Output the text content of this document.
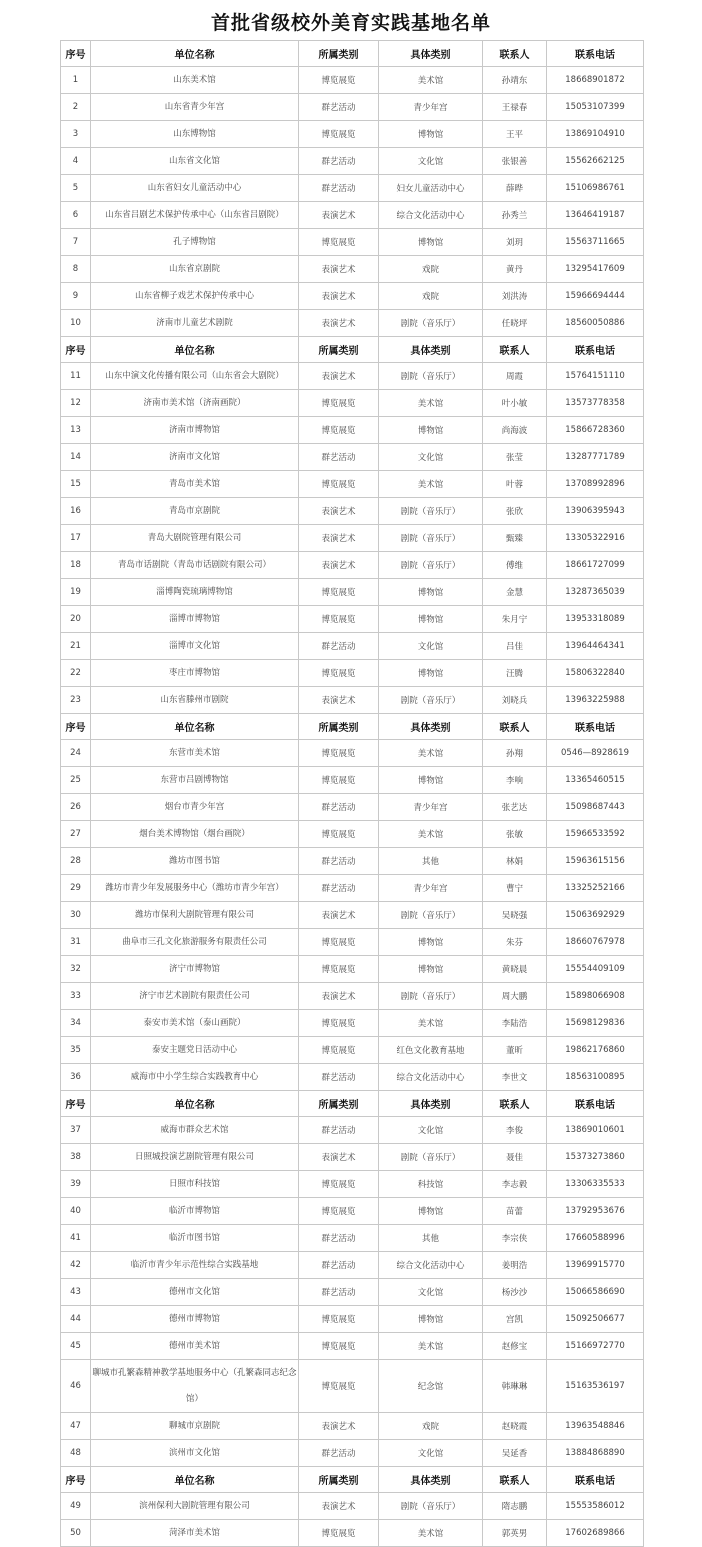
首批省级校外美育实践基地名单
序号	单位名称	所属类别	具体类别	联系人	联系电话
1	山东美术馆	博览展览	美术馆	孙靖东	18668901872
2	山东省青少年宫	群艺活动	青少年宫	王禄春	15053107399
3	山东博物馆	博览展览	博物馆	王平	13869104910
4	山东省文化馆	群艺活动	文化馆	张银善	15562662125
5	山东省妇女儿童活动中心	群艺活动	妇女儿童活动中心	薛晔	15106986761
6	山东省吕剧艺术保护传承中心（山东省吕剧院）	表演艺术	综合文化活动中心	孙秀兰	13646419187
7	孔子博物馆	博览展览	博物馆	刘玥	15563711665
8	山东省京剧院	表演艺术	戏院	黄丹	13295417609
9	山东省柳子戏艺术保护传承中心	表演艺术	戏院	刘洪涛	15966694444
10	济南市儿童艺术剧院	表演艺术	剧院（音乐厅）	任晓坪	18560050886
序号	单位名称	所属类别	具体类别	联系人	联系电话
11	山东中演文化传播有限公司（山东省会大剧院）	表演艺术	剧院（音乐厅）	周霞	15764151110
12	济南市美术馆（济南画院）	博览展览	美术馆	叶小敏	13573778358
13	济南市博物馆	博览展览	博物馆	尚海波	15866728360
14	济南市文化馆	群艺活动	文化馆	张莹	13287771789
15	青岛市美术馆	博览展览	美术馆	叶蓉	13708992896
16	青岛市京剧院	表演艺术	剧院（音乐厅）	张欣	13906395943
17	青岛大剧院管理有限公司	表演艺术	剧院（音乐厅）	甄臻	13305322916
18	青岛市话剧院（青岛市话剧院有限公司）	表演艺术	剧院（音乐厅）	傅维	18661727099
19	淄博陶瓷琉璃博物馆	博览展览	博物馆	金慧	13287365039
20	淄博市博物馆	博览展览	博物馆	朱月宁	13953318089
21	淄博市文化馆	群艺活动	文化馆	吕佳	13964464341
22	枣庄市博物馆	博览展览	博物馆	汪腾	15806322840
23	山东省滕州市剧院	表演艺术	剧院（音乐厅）	刘晓兵	13963225988
序号	单位名称	所属类别	具体类别	联系人	联系电话
24	东营市美术馆	博览展览	美术馆	孙翔	0546—8928619
25	东营市吕剧博物馆	博览展览	博物馆	李响	13365460515
26	烟台市青少年宫	群艺活动	青少年宫	张艺达	15098687443
27	烟台美术博物馆（烟台画院）	博览展览	美术馆	张敏	15966533592
28	潍坊市图书馆	群艺活动	其他	林娟	15963615156
29	潍坊市青少年发展服务中心（潍坊市青少年宫）	群艺活动	青少年宫	曹宁	13325252166
30	潍坊市保利大剧院管理有限公司	表演艺术	剧院（音乐厅）	吴晓强	15063692929
31	曲阜市三孔文化旅游服务有限责任公司	博览展览	博物馆	朱芬	18660767978
32	济宁市博物馆	博览展览	博物馆	黄晓晨	15554409109
33	济宁市艺术剧院有限责任公司	表演艺术	剧院（音乐厅）	周大鹏	15898066908
34	泰安市美术馆（泰山画院）	博览展览	美术馆	李陆浩	15698129836
35	泰安主题党日活动中心	博览展览	红色文化教育基地	董昕	19862176860
36	威海市中小学生综合实践教育中心	群艺活动	综合文化活动中心	李世文	18563100895
序号	单位名称	所属类别	具体类别	联系人	联系电话
37	威海市群众艺术馆	群艺活动	文化馆	李俊	13869010601
38	日照城投演艺剧院管理有限公司	表演艺术	剧院（音乐厅）	聂佳	15373273860
39	日照市科技馆	博览展览	科技馆	李志毅	13306335533
40	临沂市博物馆	博览展览	博物馆	苗蕾	13792953676
41	临沂市图书馆	群艺活动	其他	李宗侠	17660588996
42	临沂市青少年示范性综合实践基地	群艺活动	综合文化活动中心	姜明浩	13969915770
43	德州市文化馆	群艺活动	文化馆	杨沙沙	15066586690
44	德州市博物馆	博览展览	博物馆	宫凯	15092506677
45	德州市美术馆	博览展览	美术馆	赵修宝	15166972770
46	聊城市孔繁森精神教学基地服务中心（孔繁森同志纪念馆）	博览展览	纪念馆	韩琳琳	15163536197
47	聊城市京剧院	表演艺术	戏院	赵晓霞	13963548846
48	滨州市文化馆	群艺活动	文化馆	吴延香	13884868890
序号	单位名称	所属类别	具体类别	联系人	联系电话
49	滨州保利大剧院管理有限公司	表演艺术	剧院（音乐厅）	隋志鹏	15553586012
50	菏泽市美术馆	博览展览	美术馆	郭英男	17602689866
